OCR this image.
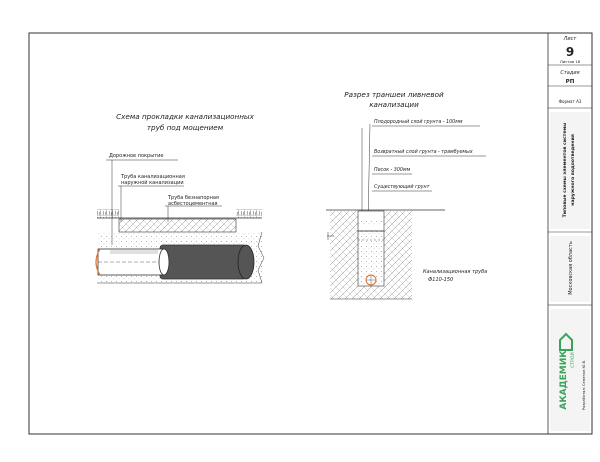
Лист
9
Листов 18
Стадия
РП
Формат А3
Типовые схемы элементов системы наружного водоотведения
Московская область
АКАДЕМИК СТРОЙ Разработал: Семенов Ю.В.
Схема прокладки канализационных
труб под мощением
Дорожное покрытие
Труба канализационная
наружной канализации
Труба безнапорная
асбестоцементная
Разрез траншеи ливневой
канализации
Плодородный слой грунта - 100мм
Возвратный слой грунта - трамбуемых
Песок - 300мм
Существующий грунт
Канализационная труба
Ф110-150
